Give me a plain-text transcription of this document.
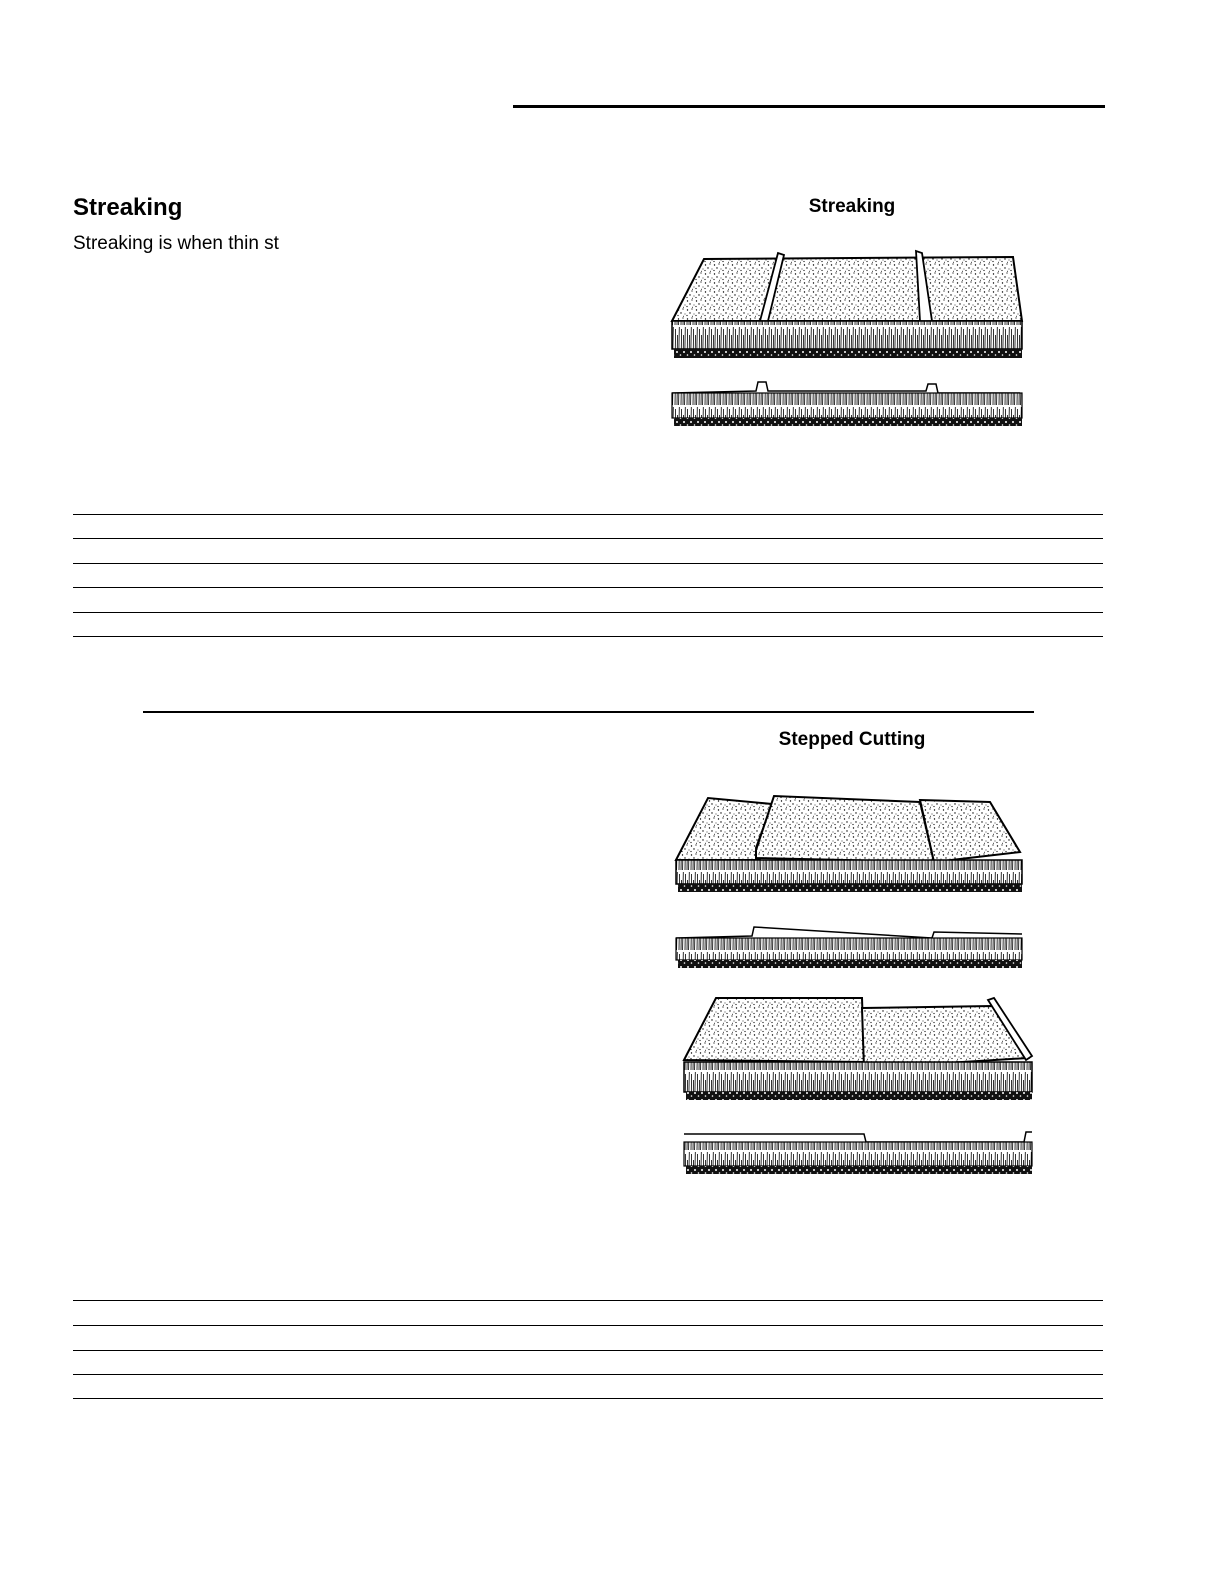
Streaking

Streaking is when thin st

Streaking
Stepped Cutting
